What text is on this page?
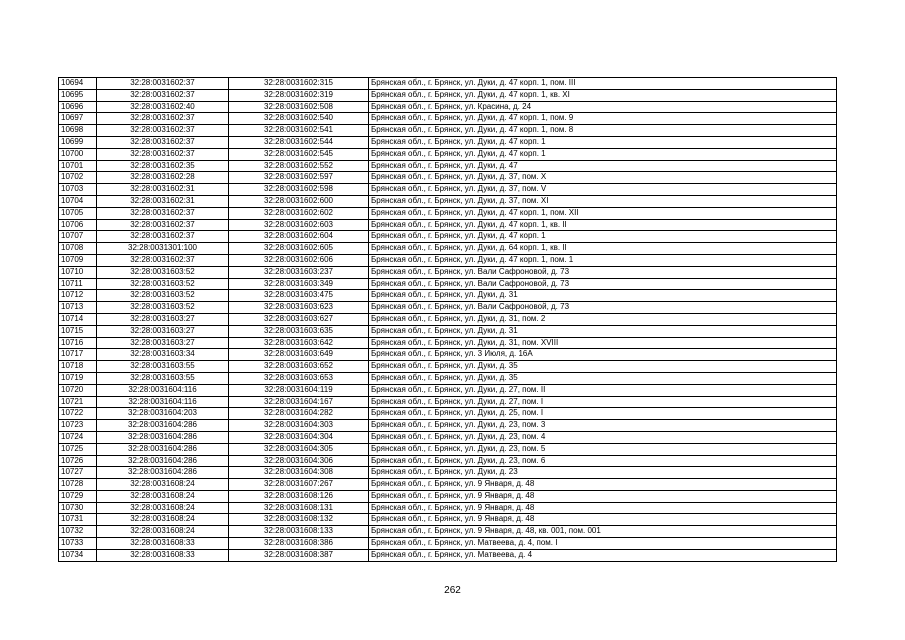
10694	32:28:0031602:37	32:28:0031602:315	Брянская обл., г. Брянск, ул. Дуки, д. 47 корп. 1, пом. III
10695	32:28:0031602:37	32:28:0031602:319	Брянская обл., г. Брянск, ул. Дуки, д. 47 корп. 1, кв. XI
10696	32:28:0031602:40	32:28:0031602:508	Брянская обл., г. Брянск, ул. Красина, д. 24
10697	32:28:0031602:37	32:28:0031602:540	Брянская обл., г. Брянск, ул. Дуки, д. 47 корп. 1, пом. 9
10698	32:28:0031602:37	32:28:0031602:541	Брянская обл., г. Брянск, ул. Дуки, д. 47 корп. 1, пом. 8
10699	32:28:0031602:37	32:28:0031602:544	Брянская обл., г. Брянск, ул. Дуки, д. 47 корп. 1
10700	32:28:0031602:37	32:28:0031602:545	Брянская обл., г. Брянск, ул. Дуки, д. 47 корп. 1
10701	32:28:0031602:35	32:28:0031602:552	Брянская обл., г. Брянск, ул. Дуки, д. 47
10702	32:28:0031602:28	32:28:0031602:597	Брянская обл., г. Брянск, ул. Дуки, д. 37, пом. X
10703	32:28:0031602:31	32:28:0031602:598	Брянская обл., г. Брянск, ул. Дуки, д. 37, пом. V
10704	32:28:0031602:31	32:28:0031602:600	Брянская обл., г. Брянск, ул. Дуки, д. 37, пом. XI
10705	32:28:0031602:37	32:28:0031602:602	Брянская обл., г. Брянск, ул. Дуки, д. 47 корп. 1, пом. XII
10706	32:28:0031602:37	32:28:0031602:603	Брянская обл., г. Брянск, ул. Дуки, д. 47 корп. 1, кв. II
10707	32:28:0031602:37	32:28:0031602:604	Брянская обл., г. Брянск, ул. Дуки, д. 47 корп. 1
10708	32:28:0031301:100	32:28:0031602:605	Брянская обл., г. Брянск, ул. Дуки, д. 64 корп. 1, кв. II
10709	32:28:0031602:37	32:28:0031602:606	Брянская обл., г. Брянск, ул. Дуки, д. 47 корп. 1, пом. 1
10710	32:28:0031603:52	32:28:0031603:237	Брянская обл., г. Брянск, ул. Вали Сафроновой, д. 73
10711	32:28:0031603:52	32:28:0031603:349	Брянская обл., г. Брянск, ул. Вали Сафроновой, д. 73
10712	32:28:0031603:52	32:28:0031603:475	Брянская обл., г. Брянск, ул. Дуки, д. 31
10713	32:28:0031603:52	32:28:0031603:623	Брянская обл., г. Брянск, ул. Вали Сафроновой, д. 73
10714	32:28:0031603:27	32:28:0031603:627	Брянская обл., г. Брянск, ул. Дуки, д. 31, пом. 2
10715	32:28:0031603:27	32:28:0031603:635	Брянская обл., г. Брянск, ул. Дуки, д. 31
10716	32:28:0031603:27	32:28:0031603:642	Брянская обл., г. Брянск, ул. Дуки, д. 31, пом. XVIII
10717	32:28:0031603:34	32:28:0031603:649	Брянская обл., г. Брянск, ул. 3 Июля, д. 16А
10718	32:28:0031603:55	32:28:0031603:652	Брянская обл., г. Брянск, ул. Дуки, д. 35
10719	32:28:0031603:55	32:28:0031603:653	Брянская обл., г. Брянск, ул. Дуки, д. 35
10720	32:28:0031604:116	32:28:0031604:119	Брянская обл., г. Брянск, ул. Дуки, д. 27, пом. II
10721	32:28:0031604:116	32:28:0031604:167	Брянская обл., г. Брянск, ул. Дуки, д. 27, пом. I
10722	32:28:0031604:203	32:28:0031604:282	Брянская обл., г. Брянск, ул. Дуки, д. 25, пом. I
10723	32:28:0031604:286	32:28:0031604:303	Брянская обл., г. Брянск, ул. Дуки, д. 23, пом. 3
10724	32:28:0031604:286	32:28:0031604:304	Брянская обл., г. Брянск, ул. Дуки, д. 23, пом. 4
10725	32:28:0031604:286	32:28:0031604:305	Брянская обл., г. Брянск, ул. Дуки, д. 23, пом. 5
10726	32:28:0031604:286	32:28:0031604:306	Брянская обл., г. Брянск, ул. Дуки, д. 23, пом. 6
10727	32:28:0031604:286	32:28:0031604:308	Брянская обл., г. Брянск, ул. Дуки, д. 23
10728	32:28:0031608:24	32:28:0031607:267	Брянская обл., г. Брянск, ул. 9 Января, д. 48
10729	32:28:0031608:24	32:28:0031608:126	Брянская обл., г. Брянск, ул. 9 Января, д. 48
10730	32:28:0031608:24	32:28:0031608:131	Брянская обл., г. Брянск, ул. 9 Января, д. 48
10731	32:28:0031608:24	32:28:0031608:132	Брянская обл., г. Брянск, ул. 9 Января, д. 48
10732	32:28:0031608:24	32:28:0031608:133	Брянская обл., г. Брянск, ул. 9 Января, д. 48, кв. 001, пом. 001
10733	32:28:0031608:33	32:28:0031608:386	Брянская обл., г. Брянск, ул. Матвеева, д. 4, пом. I
10734	32:28:0031608:33	32:28:0031608:387	Брянская обл., г. Брянск, ул. Матвеева, д. 4
262
